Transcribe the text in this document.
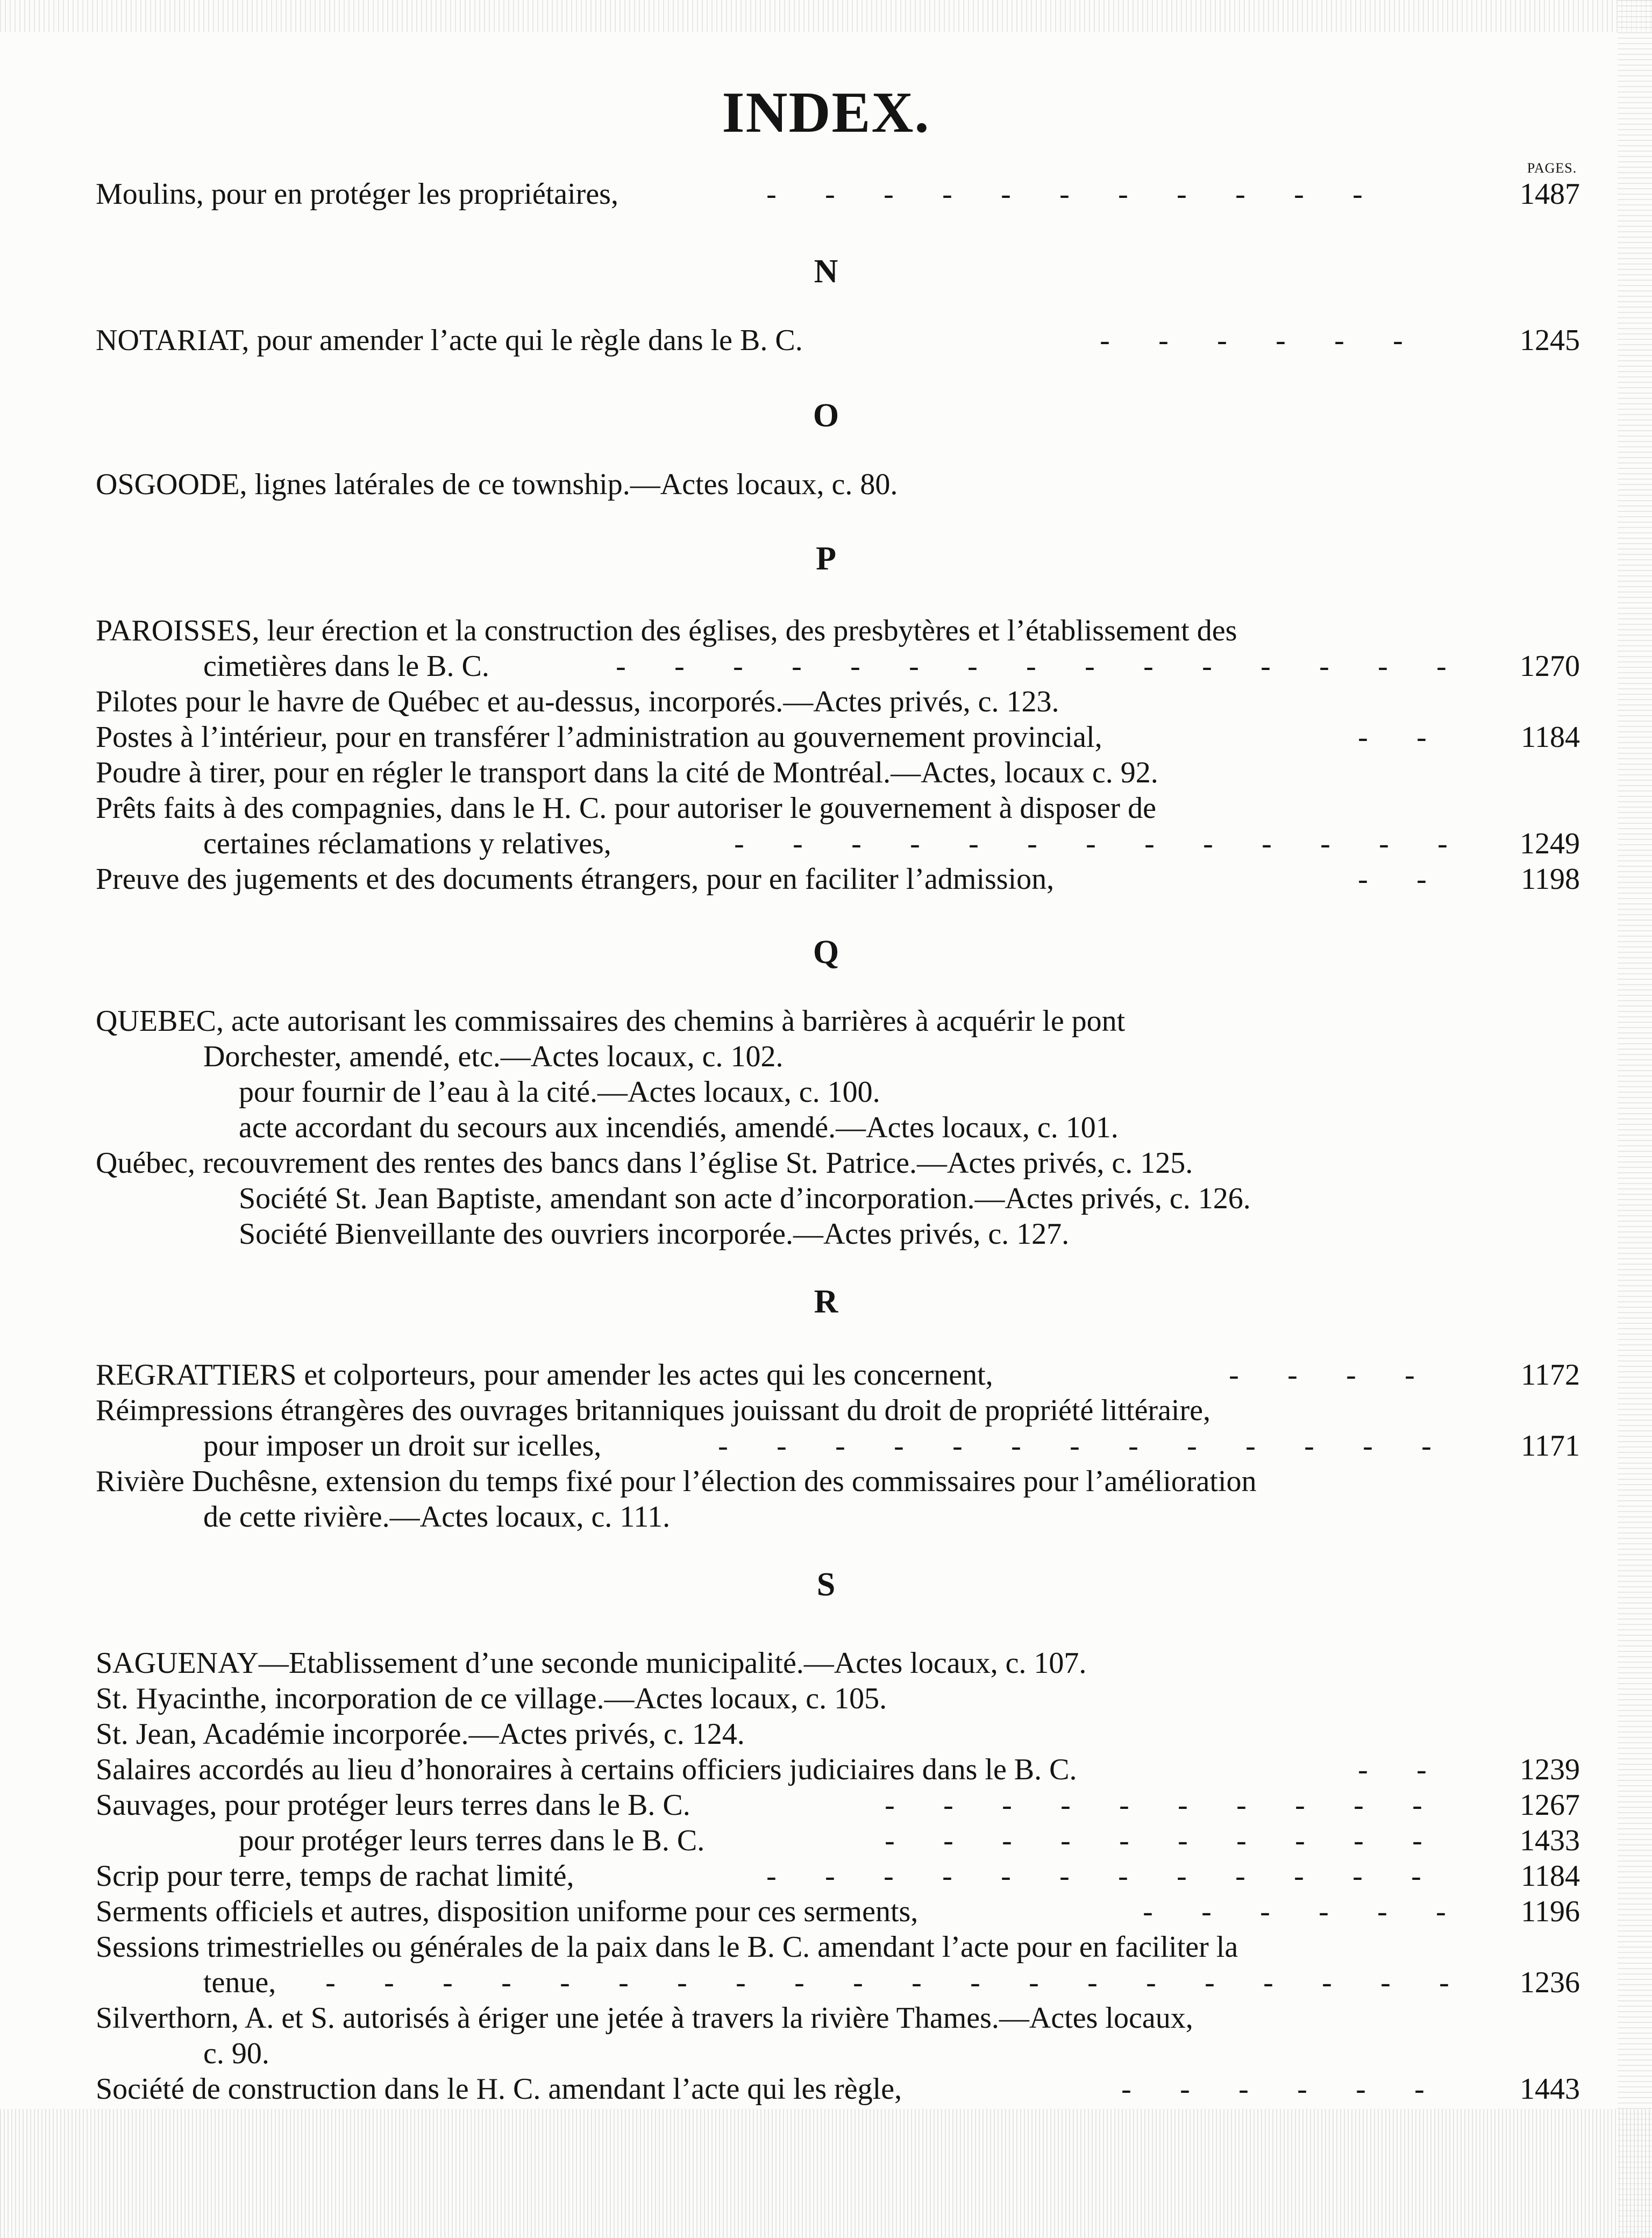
INDEX.
PAGES.
Moulins, pour en protéger les propriétaires,	- - - - - - - - - - -	1487
N
NOTARIAT, pour amender l’acte qui le règle dans le B. C.	- - - - - -	1245
O
OSGOODE, lignes latérales de ce township.—Actes locaux, c. 80.
P
PAROISSES, leur érection et la construction des églises, des presbytères et l’établissement des
cimetières dans le B. C.	- - - - - - - - - - - - - - -	1270
Pilotes pour le havre de Québec et au-dessus, incorporés.—Actes privés, c. 123.
Postes à l’intérieur, pour en transférer l’administration au gouvernement provincial,	- -	1184
Poudre à tirer, pour en régler le transport dans la cité de Montréal.—Actes, locaux c. 92.
Prêts faits à des compagnies, dans le H. C. pour autoriser le gouvernement à disposer de
certaines réclamations y relatives,	- - - - - - - - - - - - -	1249
Preuve des jugements et des documents étrangers, pour en faciliter l’admission,	- -	1198
Q
QUEBEC, acte autorisant les commissaires des chemins à barrières à acquérir le pont
Dorchester, amendé, etc.—Actes locaux, c. 102.
pour fournir de l’eau à la cité.—Actes locaux, c. 100.
acte accordant du secours aux incendiés, amendé.—Actes locaux, c. 101.
Québec, recouvrement des rentes des bancs dans l’église St. Patrice.—Actes privés, c. 125.
Société St. Jean Baptiste, amendant son acte d’incorporation.—Actes privés, c. 126.
Société Bienveillante des ouvriers incorporée.—Actes privés, c. 127.
R
REGRATTIERS et colporteurs, pour amender les actes qui les concernent,	- - - -	1172
Réimpressions étrangères des ouvrages britanniques jouissant du droit de propriété littéraire,
pour imposer un droit sur icelles,	- - - - - - - - - - - - -	1171
Rivière Duchêsne, extension du temps fixé pour l’élection des commissaires pour l’amélioration
de cette rivière.—Actes locaux, c. 111.
S
SAGUENAY—Etablissement d’une seconde municipalité.—Actes locaux, c. 107.
St. Hyacinthe, incorporation de ce village.—Actes locaux, c. 105.
St. Jean, Académie incorporée.—Actes privés, c. 124.
Salaires accordés au lieu d’honoraires à certains officiers judiciaires dans le B. C.	- -	1239
Sauvages, pour protéger leurs terres dans le B. C.	- - - - - - - - - -	1267
pour protéger leurs terres dans le B. C.	- - - - - - - - - -	1433
Scrip pour terre, temps de rachat limité,	- - - - - - - - - - - -	1184
Serments officiels et autres, disposition uniforme pour ces serments,	- - - - - -	1196
Sessions trimestrielles ou générales de la paix dans le B. C. amendant l’acte pour en faciliter la
tenue,	- - - - - - - - - - - - - - - - - - - -	1236
Silverthorn, A. et S. autorisés à ériger une jetée à travers la rivière Thames.—Actes locaux,
c. 90.
Société de construction dans le H. C. amendant l’acte qui les règle,	- - - - - -	1443
